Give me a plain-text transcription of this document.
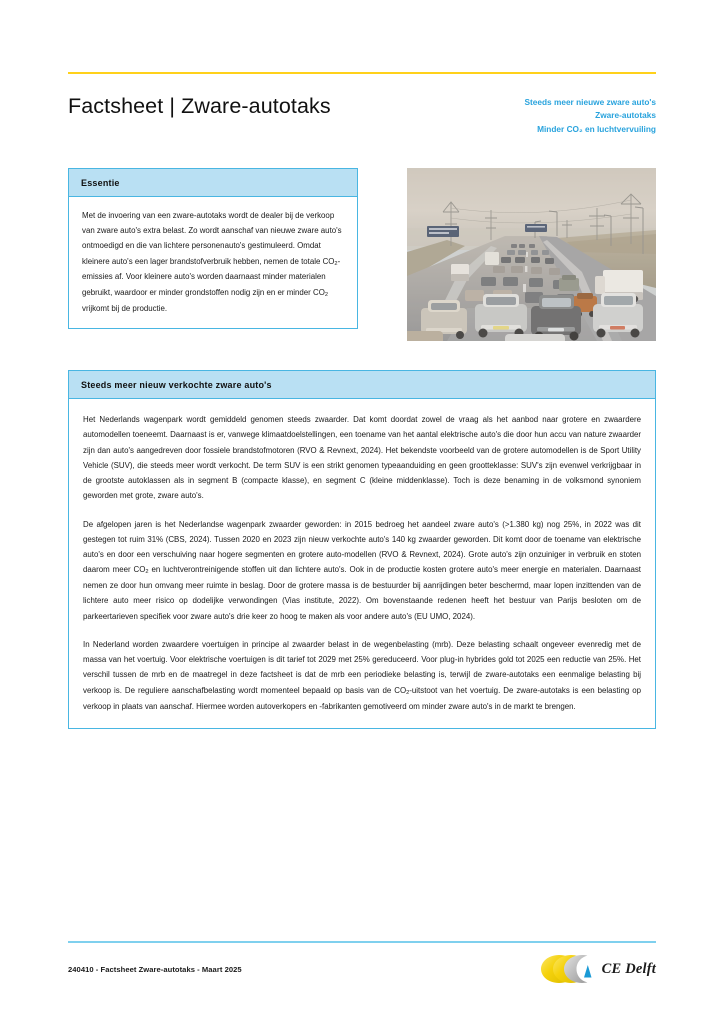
Factsheet | Zware-autotaks	Steeds meer nieuwe zware auto's
Zware-autotaks
Minder CO₂ en luchtvervuiling
Essentie

Met de invoering van een zware-autotaks wordt de dealer bij de verkoop van zware auto's extra belast. Zo wordt aanschaf van nieuwe zware auto's ontmoedigd en die van lichtere personenauto's gestimuleerd. Omdat kleinere auto's een lager brandstofverbruik hebben, nemen de totale $CO_2$-emissies af. Voor kleinere auto's worden daarnaast minder materialen gebruikt, waardoor er minder grondstoffen nodig zijn en er minder $CO_2$ vrijkomt bij de productie.

Steeds meer nieuw verkochte zware auto's

Het Nederlands wagenpark wordt gemiddeld genomen steeds zwaarder. Dat komt doordat zowel de vraag als het aanbod naar grotere en zwaardere automodellen toeneemt. Daarnaast is er, vanwege klimaatdoelstellingen, een toename van het aantal elektrische auto's die door hun accu van nature zwaarder zijn dan auto's aangedreven door fossiele brandstofmotoren (RVO & Revnext, 2024). Het bekendste voorbeeld van de grotere automodellen is de Sport Utility Vehicle (SUV), die steeds meer wordt verkocht. De term SUV is een strikt genomen typeaanduiding en geen grootteklasse: SUV's zijn evenwel verkrijgbaar in de grootste autoklassen als in segment B (compacte klasse), en segment C (kleine middenklasse). Toch is deze benaming in de volksmond synoniem geworden met grote, zware auto's.

De afgelopen jaren is het Nederlandse wagenpark zwaarder geworden: in 2015 bedroeg het aandeel zware auto's (>1.380 kg) nog 25%, in 2022 was dit gestegen tot ruim 31% (CBS, 2024). Tussen 2020 en 2023 zijn nieuw verkochte auto's 140 kg zwaarder geworden. Dit komt door de toename van elektrische auto's en door een verschuiving naar hogere segmenten en grotere auto-modellen (RVO & Revnext, 2024). Grote auto's zijn onzuiniger in verbruik en stoten daarom meer $CO_2$ en luchtverontreinigende stoffen uit dan lichtere auto's. Ook in de productie kosten grotere auto's meer energie en materialen. Daarnaast nemen ze door hun omvang meer ruimte in beslag. Door de grotere massa is de bestuurder bij aanrijdingen beter beschermd, maar lopen inzittenden van de lichtere auto meer risico op dodelijke verwondingen (Vias institute, 2022). Om bovenstaande redenen heeft het bestuur van Parijs besloten om de parkeertarieven specifiek voor zware auto's drie keer zo hoog te maken als voor andere auto's (EU UMO, 2024).

In Nederland worden zwaardere voertuigen in principe al zwaarder belast in de wegenbelasting (mrb). Deze belasting schaalt ongeveer evenredig met de massa van het voertuig. Voor elektrische voertuigen is dit tarief tot 2029 met 25% gereduceerd. Voor plug-in hybrides gold tot 2025 een reductie van 25%. Het verschil tussen de mrb en de maatregel in deze factsheet is dat de mrb een periodieke belasting is, terwijl de zware-autotaks een eenmalige belasting bij verkoop is. De reguliere aanschafbelasting wordt momenteel bepaald op basis van de $CO_2$-uitstoot van het voertuig. De zware-autotaks is een belasting op verkoop in plaats van aanschaf. Hiermee worden autoverkopers en -fabrikanten gemotiveerd om minder zware auto's in de markt te brengen.

240410 - Factsheet Zware-autotaks - Maart 2025	CE Delft
